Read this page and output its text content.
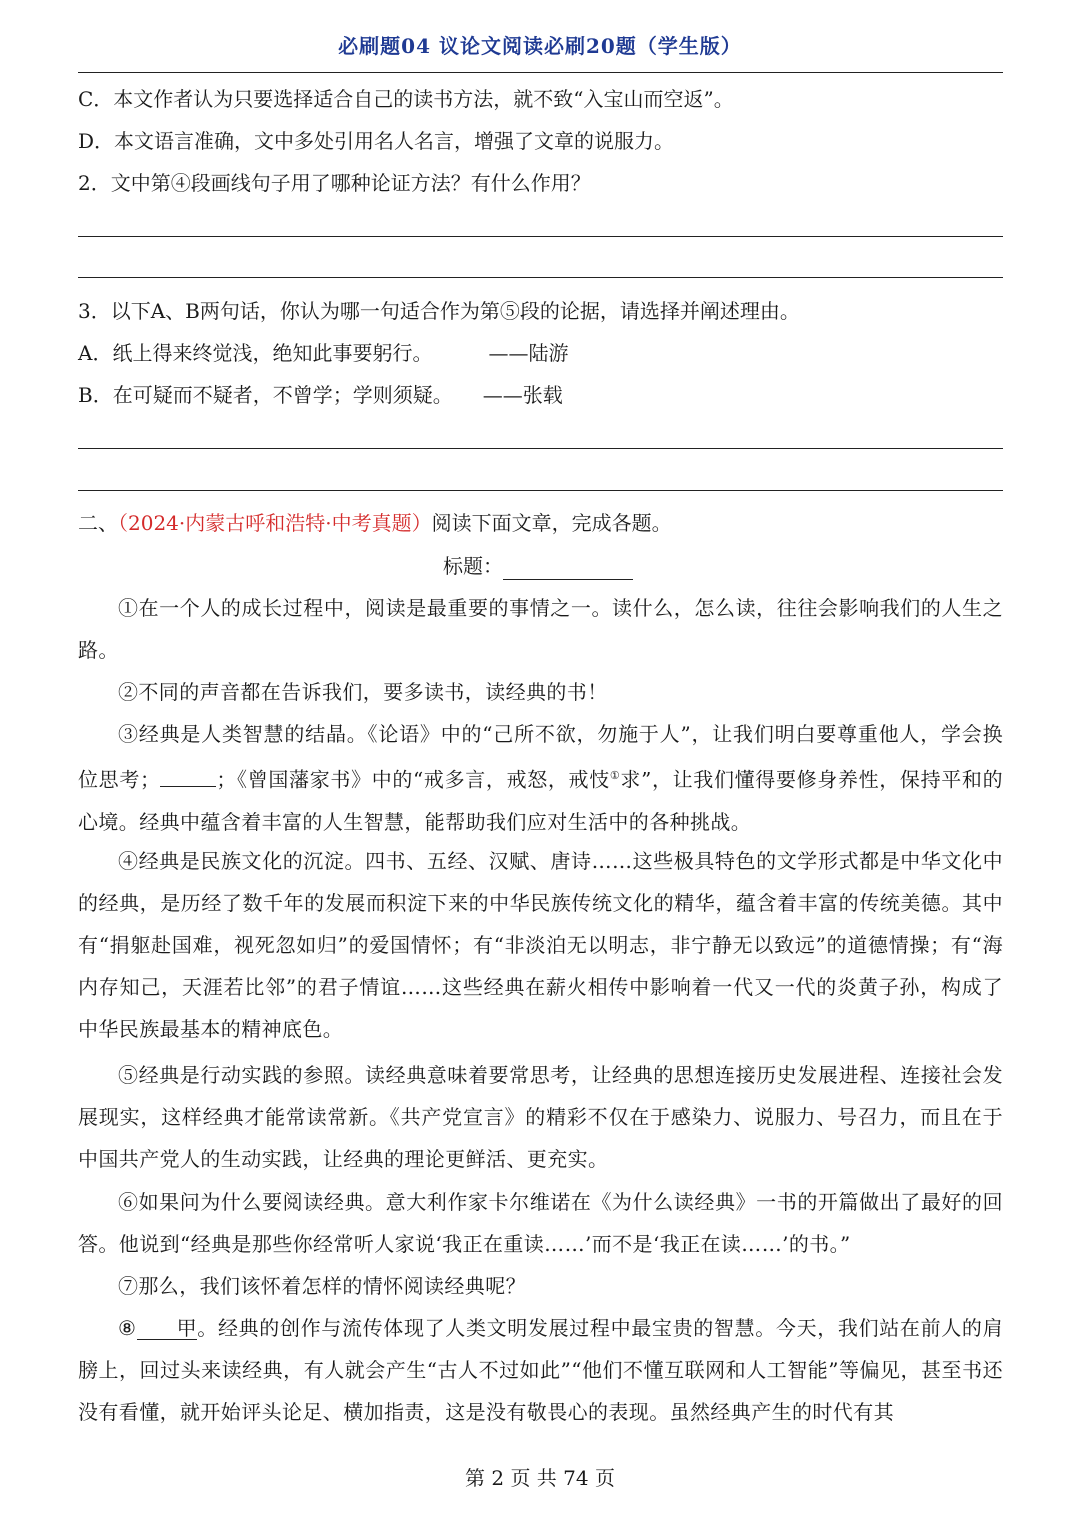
必刷题04 议论文阅读必刷20题（学生版）
C．本文作者认为只要选择适合自己的读书方法，就不致“入宝山而空返”。
D．本文语言准确，文中多处引用名人名言，增强了文章的说服力。
2．文中第④段画线句子用了哪种论证方法？有什么作用？
3．以下A、B两句话，你认为哪一句适合作为第⑤段的论据，请选择并阐述理由。
A．纸上得来终觉浅，绝知此事要躬行。	——陆游
B．在可疑而不疑者，不曾学；学则须疑。 ——张载
二、（2024·内蒙古呼和浩特·中考真题）阅读下面文章，完成各题。
标题：
①在一个人的成长过程中，阅读是最重要的事情之一。读什么，怎么读，往往会影响我们的人生之路。
②不同的声音都在告诉我们，要多读书，读经典的书！
③经典是人类智慧的结晶。《论语》中的“己所不欲，勿施于人”，让我们明白要尊重他人，学会换位思考；	；《曾国藩家书》中的“戒多言，戒怒，戒忮①求”，让我们懂得要修身养性，保持平和的心境。经典中蕴含着丰富的人生智慧，能帮助我们应对生活中的各种挑战。
④经典是民族文化的沉淀。四书、五经、汉赋、唐诗……这些极具特色的文学形式都是中华文化中的经典，是历经了数千年的发展而积淀下来的中华民族传统文化的精华，蕴含着丰富的传统美德。其中有“捐躯赴国难，视死忽如归”的爱国情怀；有“非淡泊无以明志，非宁静无以致远”的道德情操；有“海内存知己，天涯若比邻”的君子情谊……这些经典在薪火相传中影响着一代又一代的炎黄子孙，构成了中华民族最基本的精神底色。
⑤经典是行动实践的参照。读经典意味着要常思考，让经典的思想连接历史发展进程、连接社会发展现实，这样经典才能常读常新。《共产党宣言》的精彩不仅在于感染力、说服力、号召力，而且在于中国共产党人的生动实践，让经典的理论更鲜活、更充实。
⑥如果问为什么要阅读经典。意大利作家卡尔维诺在《为什么读经典》一书的开篇做出了最好的回答。他说到“经典是那些你经常听人家说‘我正在重读……’而不是‘我正在读……’的书。”
⑦那么，我们该怀着怎样的情怀阅读经典呢？
⑧ 甲。经典的创作与流传体现了人类文明发展过程中最宝贵的智慧。今天，我们站在前人的肩膀上，回过头来读经典，有人就会产生“古人不过如此”“他们不懂互联网和人工智能”等偏见，甚至书还没有看懂，就开始评头论足、横加指责，这是没有敬畏心的表现。虽然经典产生的时代有其
第 2 页 共 74 页
